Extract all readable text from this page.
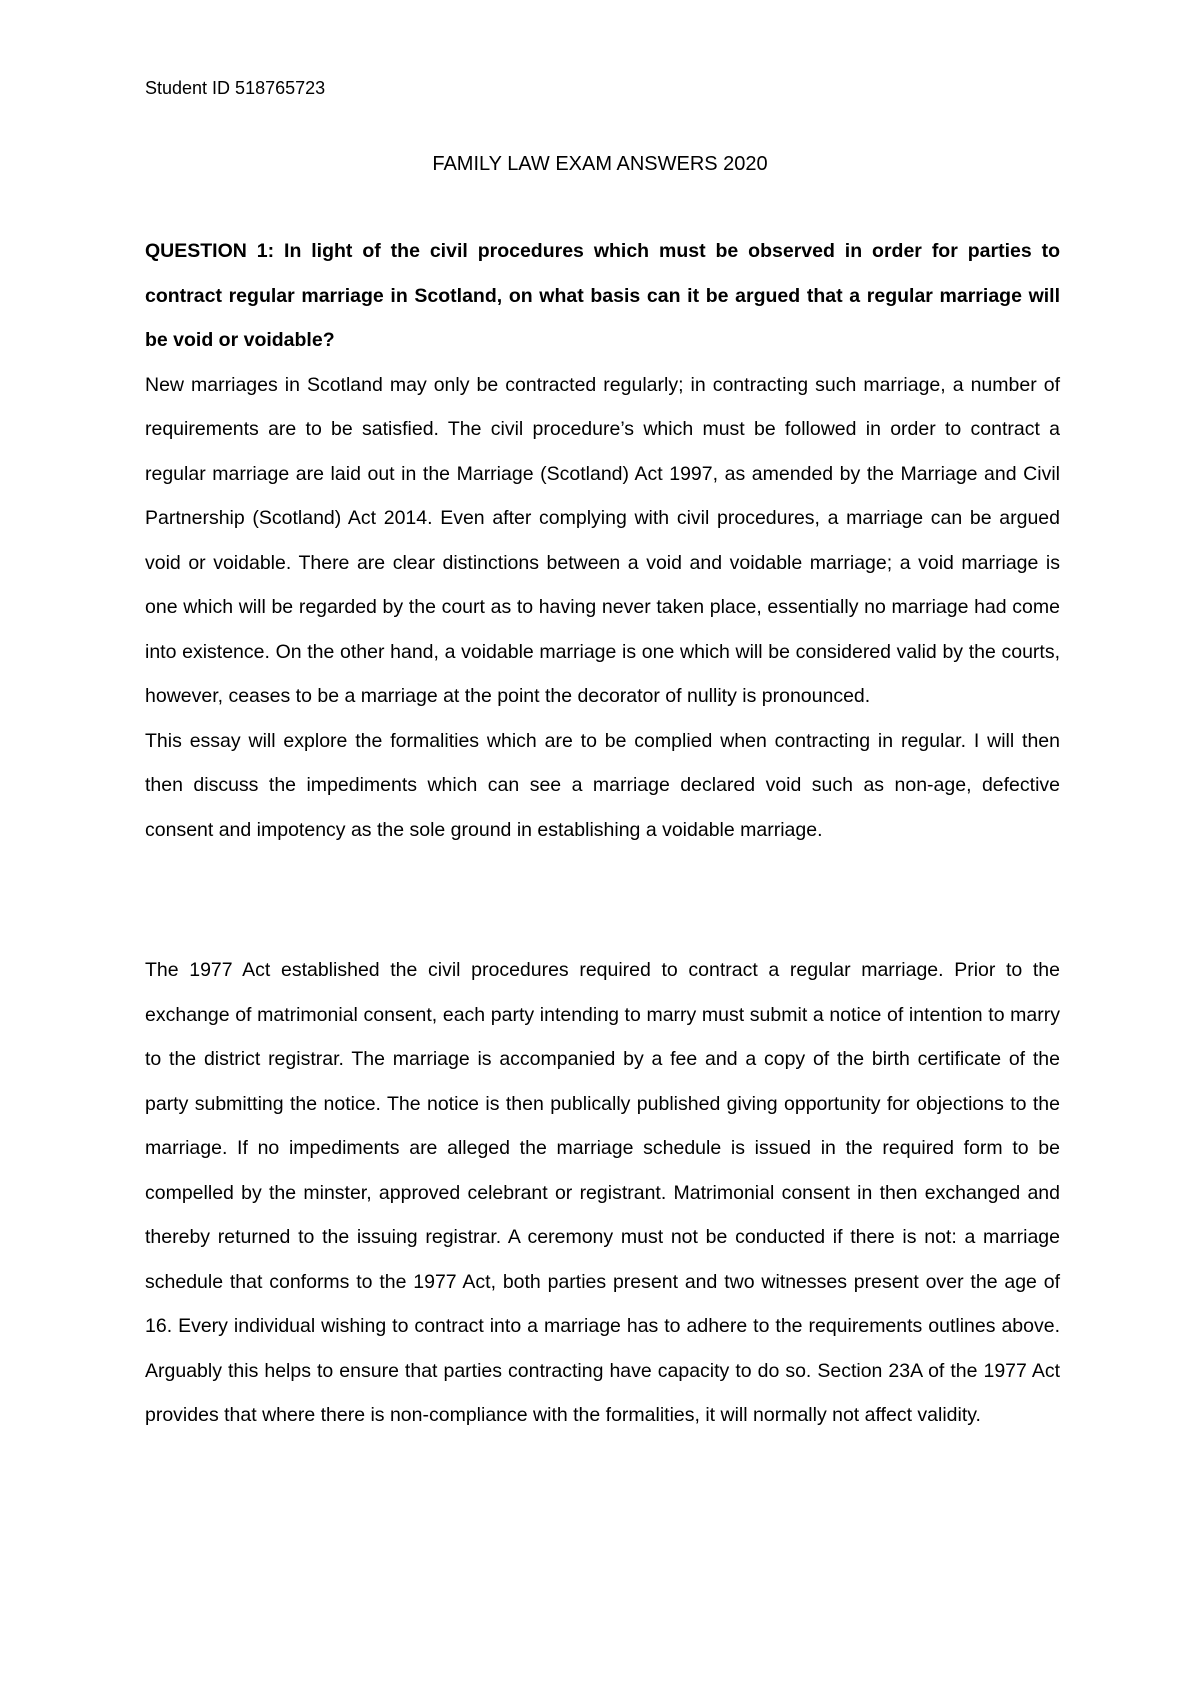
Student ID 518765723
FAMILY LAW EXAM ANSWERS 2020

QUESTION 1: In light of the civil procedures which must be observed in order for parties to contract regular marriage in Scotland, on what basis can it be argued that a regular marriage will be void or voidable?

New marriages in Scotland may only be contracted regularly; in contracting such marriage, a number of requirements are to be satisfied. The civil procedure’s which must be followed in order to contract a regular marriage are laid out in the Marriage (Scotland) Act 1997, as amended by the Marriage and Civil Partnership (Scotland) Act 2014. Even after complying with civil procedures, a marriage can be argued void or voidable. There are clear distinctions between a void and voidable marriage; a void marriage is one which will be regarded by the court as to having never taken place, essentially no marriage had come into existence. On the other hand, a voidable marriage is one which will be considered valid by the courts, however, ceases to be a marriage at the point the decorator of nullity is pronounced.

This essay will explore the formalities which are to be complied when contracting in regular. I will then then discuss the impediments which can see a marriage declared void such as non-age, defective consent and impotency as the sole ground in establishing a voidable marriage.

The 1977 Act established the civil procedures required to contract a regular marriage. Prior to the exchange of matrimonial consent, each party intending to marry must submit a notice of intention to marry to the district registrar. The marriage is accompanied by a fee and a copy of the birth certificate of the party submitting the notice. The notice is then publically published giving opportunity for objections to the marriage. If no impediments are alleged the marriage schedule is issued in the required form to be compelled by the minster, approved celebrant or registrant. Matrimonial consent in then exchanged and thereby returned to the issuing registrar. A ceremony must not be conducted if there is not: a marriage schedule that conforms to the 1977 Act, both parties present and two witnesses present over the age of 16. Every individual wishing to contract into a marriage has to adhere to the requirements outlines above. Arguably this helps to ensure that parties contracting have capacity to do so. Section 23A of the 1977 Act provides that where there is non-compliance with the formalities, it will normally not affect validity.
